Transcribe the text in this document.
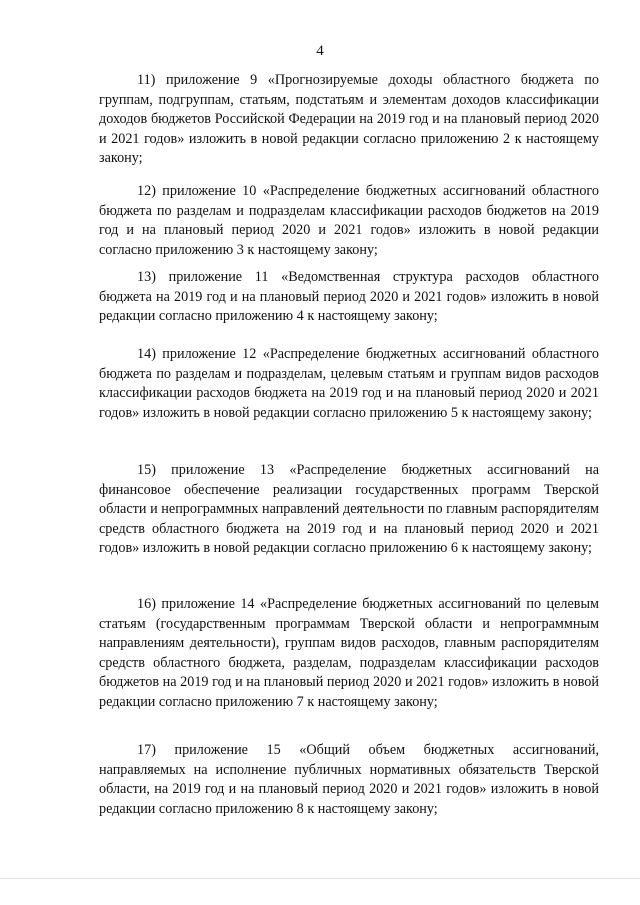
4

11) приложение 9 «Прогнозируемые доходы областного бюджета по группам, подгруппам, статьям, подстатьям и элементам доходов классификации доходов бюджетов Российской Федерации на 2019 год и на плановый период 2020 и 2021 годов» изложить в новой редакции согласно приложению 2 к настоящему закону;

12) приложение 10 «Распределение бюджетных ассигнований областного бюджета по разделам и подразделам классификации расходов бюджетов на 2019 год и на плановый период 2020 и 2021 годов» изложить в новой редакции согласно приложению 3 к настоящему закону;

13) приложение 11 «Ведомственная структура расходов областного бюджета на 2019 год и на плановый период 2020 и 2021 годов» изложить в новой редакции согласно приложению 4 к настоящему закону;

14) приложение 12 «Распределение бюджетных ассигнований областного бюджета по разделам и подразделам, целевым статьям и группам видов расходов классификации расходов бюджета на 2019 год и на плановый период 2020 и 2021 годов» изложить в новой редакции согласно приложению 5 к настоящему закону;

15) приложение 13 «Распределение бюджетных ассигнований на финансовое обеспечение реализации государственных программ Тверской области и непрограммных направлений деятельности по главным распорядителям средств областного бюджета на 2019 год и на плановый период 2020 и 2021 годов» изложить в новой редакции согласно приложению 6 к настоящему закону;

16) приложение 14 «Распределение бюджетных ассигнований по целевым статьям (государственным программам Тверской области и непрограммным направлениям деятельности), группам видов расходов, главным распорядителям средств областного бюджета, разделам, подразделам классификации расходов бюджетов на 2019 год и на плановый период 2020 и 2021 годов» изложить в новой редакции согласно приложению 7 к настоящему закону;

17) приложение 15 «Общий объем бюджетных ассигнований, направляемых на исполнение публичных нормативных обязательств Тверской области, на 2019 год и на плановый период 2020 и 2021 годов» изложить в новой редакции согласно приложению 8 к настоящему закону;
